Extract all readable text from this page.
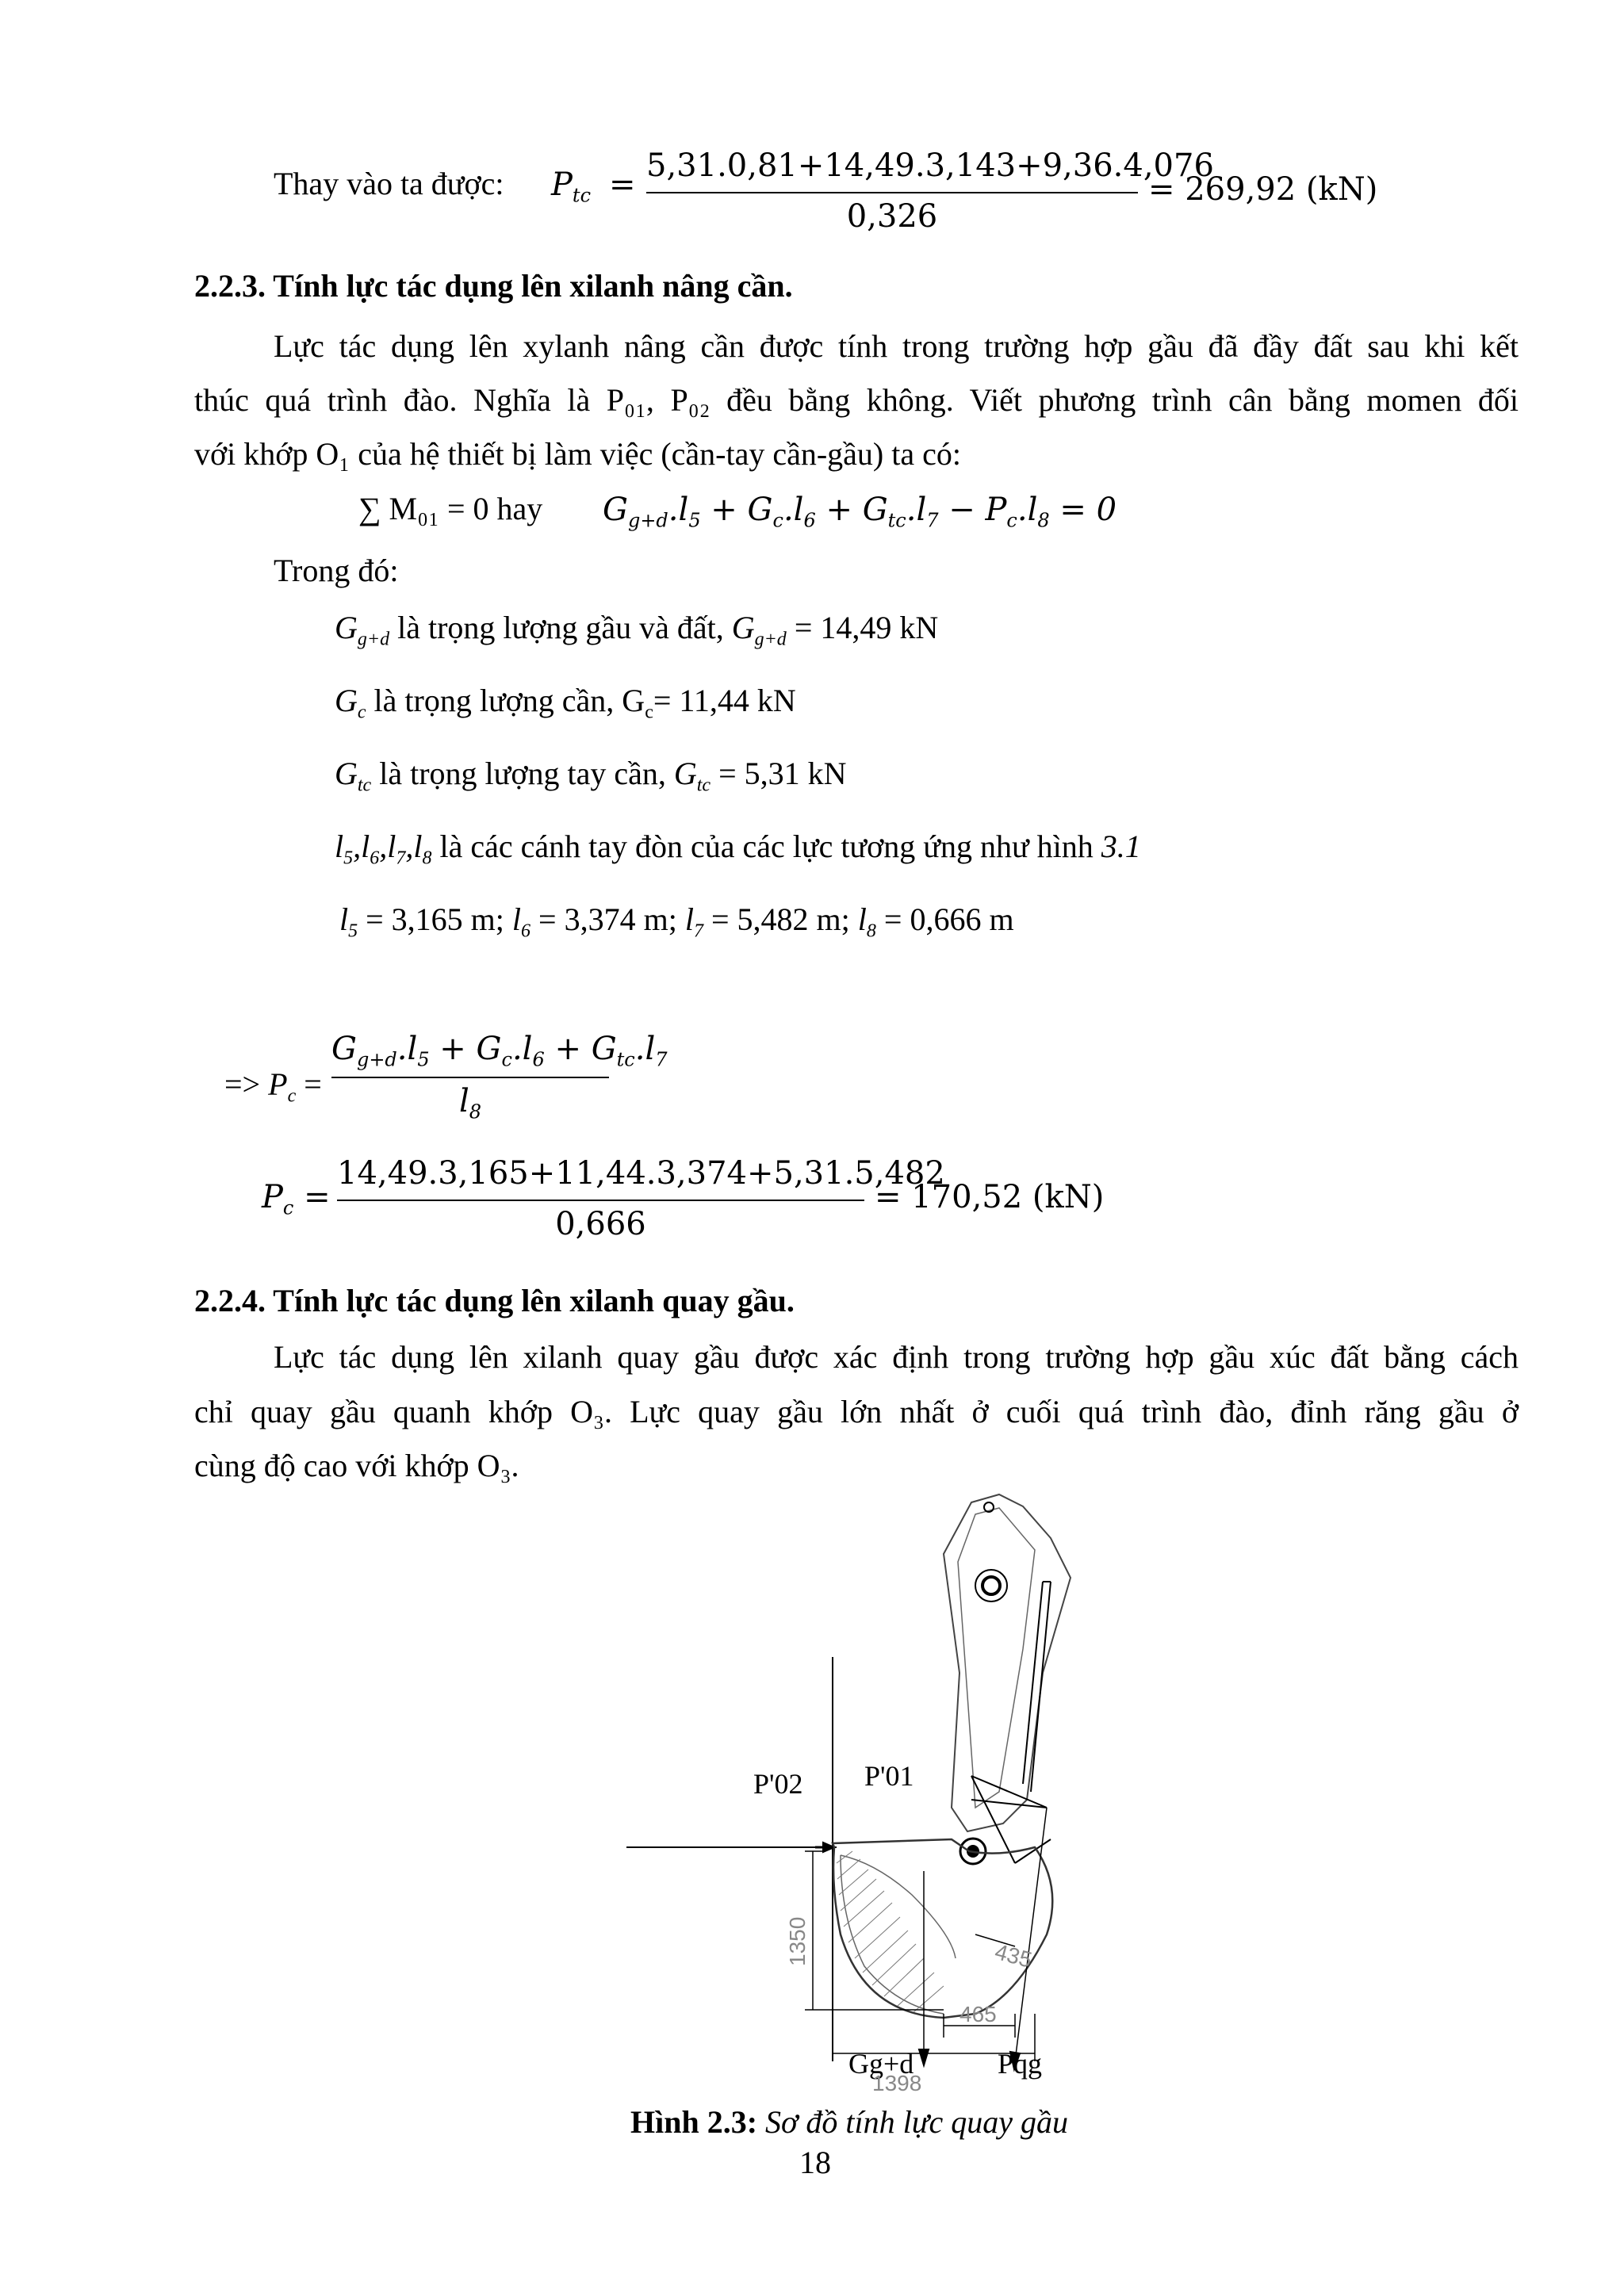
Thay vào ta được: $P_{tc}$ =
5,31.0,81+14,49.3,143+9,36.4,076
0,326
= 269,92 (kN)
2.2.3. Tính lực tác dụng lên xilanh nâng cần.
Lực tác dụng lên xylanh nâng cần được tính trong trường hợp gầu đã đầy đất sau khi kết
thúc quá trình đào. Nghĩa là P₀₁, P₀₂ đều bằng không. Viết phương trình cân bằng momen đối
với khớp O₁ của hệ thiết bị làm việc (cần-tay cần-gầu) ta có:
∑ M₀₁ = 0 hay $G_{g+d}.l_5 + G_c.l_6 + G_{tc}.l_7 - P_c.l_8 = 0$
Trong đó:
$G_{g+d}$ là trọng lượng gầu và đất, $G_{g+d} = 14,49$ kN
$G_c$ là trọng lượng cần, $G_c= 11,44$ kN
$G_{tc}$ là trọng lượng tay cần, $G_{tc} = 5,31$ kN
$l_5,l_6,l_7,l_8$ là các cánh tay đòn của các lực tương ứng như hình 3.1
$l_5 = 3,165$ m; $l_6 = 3,374$ m; $l_7 = 5,482$ m; $l_8 = 0,666$ m
=> $P_c$ =
$G_{g+d}.l_5 + G_c.l_6 + G_{tc}.l_7$
$l_8$
$P_c$ =
14,49.3,165+11,44.3,374+5,31.5,482
0,666
= 170,52 (kN)
2.2.4. Tính lực tác dụng lên xilanh quay gầu.
Lực tác dụng lên xilanh quay gầu được xác định trong trường hợp gầu xúc đất bằng cách
chỉ quay gầu quanh khớp O₃. Lực quay gầu lớn nhất ở cuối quá trình đào, đỉnh răng gầu ở
cùng độ cao với khớp O₃.
P'02 P'01
Gg+d	Pqg
1350	435
465
1398
Hình 2.3: Sơ đồ tính lực quay gầu
18
